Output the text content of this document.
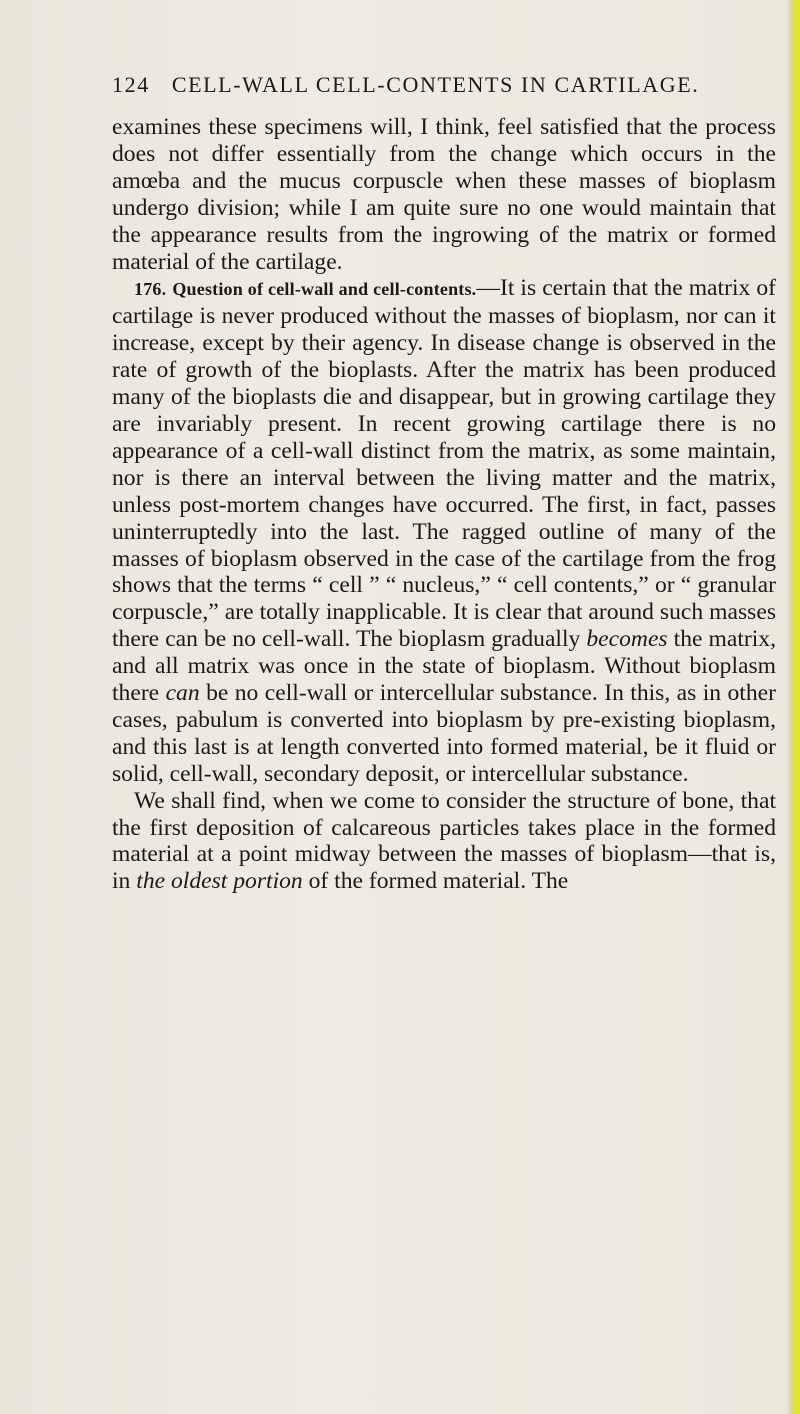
124 CELL-WALL CELL-CONTENTS IN CARTILAGE.

examines these specimens will, I think, feel satisfied that the process does not differ essentially from the change which occurs in the amœba and the mucus corpuscle when these masses of bioplasm undergo division; while I am quite sure no one would maintain that the appearance results from the ingrowing of the matrix or formed material of the cartilage.

176. Question of cell-wall and cell-contents.—It is certain that the matrix of cartilage is never produced without the masses of bioplasm, nor can it increase, except by their agency. In disease change is observed in the rate of growth of the bioplasts. After the matrix has been produced many of the bioplasts die and disappear, but in growing cartilage they are invariably present. In recent growing cartilage there is no appearance of a cell-wall distinct from the matrix, as some maintain, nor is there an interval between the living matter and the matrix, unless post-mortem changes have occurred. The first, in fact, passes uninterruptedly into the last. The ragged outline of many of the masses of bioplasm observed in the case of the cartilage from the frog shows that the terms “ cell ” “ nucleus,” “ cell contents,” or “ granular corpuscle,” are totally inapplicable. It is clear that around such masses there can be no cell-wall. The bioplasm gradually becomes the matrix, and all matrix was once in the state of bioplasm. Without bioplasm there can be no cell-wall or intercellular substance. In this, as in other cases, pabulum is converted into bioplasm by pre-existing bioplasm, and this last is at length converted into formed material, be it fluid or solid, cell-wall, secondary deposit, or intercellular substance.

We shall find, when we come to consider the structure of bone, that the first deposition of calcareous particles takes place in the formed material at a point midway between the masses of bioplasm—that is, in the oldest portion of the formed material. The
